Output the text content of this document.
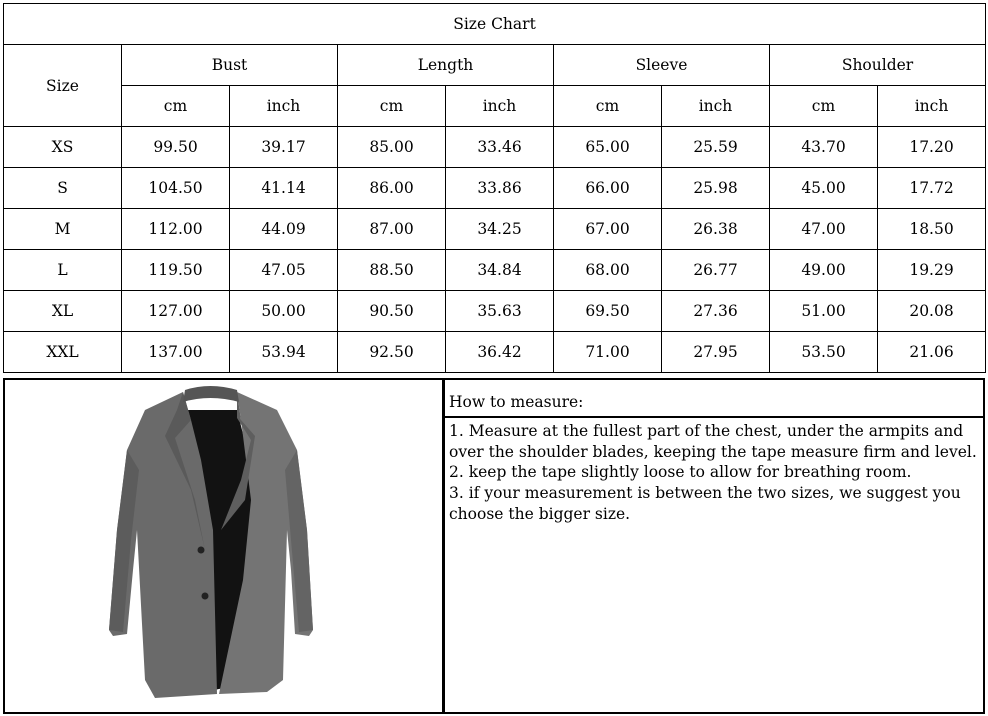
Size Chart								
Size	Bust		Length		Sleeve		Shoulder	
	cm	inch	cm	inch	cm	inch	cm	inch
XS	99.50	39.17	85.00	33.46	65.00	25.59	43.70	17.20
S	104.50	41.14	86.00	33.86	66.00	25.98	45.00	17.72
M	112.00	44.09	87.00	34.25	67.00	26.38	47.00	18.50
L	119.50	47.05	88.50	34.84	68.00	26.77	49.00	19.29
XL	127.00	50.00	90.50	35.63	69.50	27.36	51.00	20.08
XXL	137.00	53.94	92.50	36.42	71.00	27.95	53.50	21.06
How to measure:
1. Measure at the fullest part of the chest, under the armpits and over the shoulder blades, keeping the tape measure firm and level.
2. keep the tape slightly loose to allow for breathing room.
3. if your measurement is between the two sizes, we suggest you choose the bigger size.
